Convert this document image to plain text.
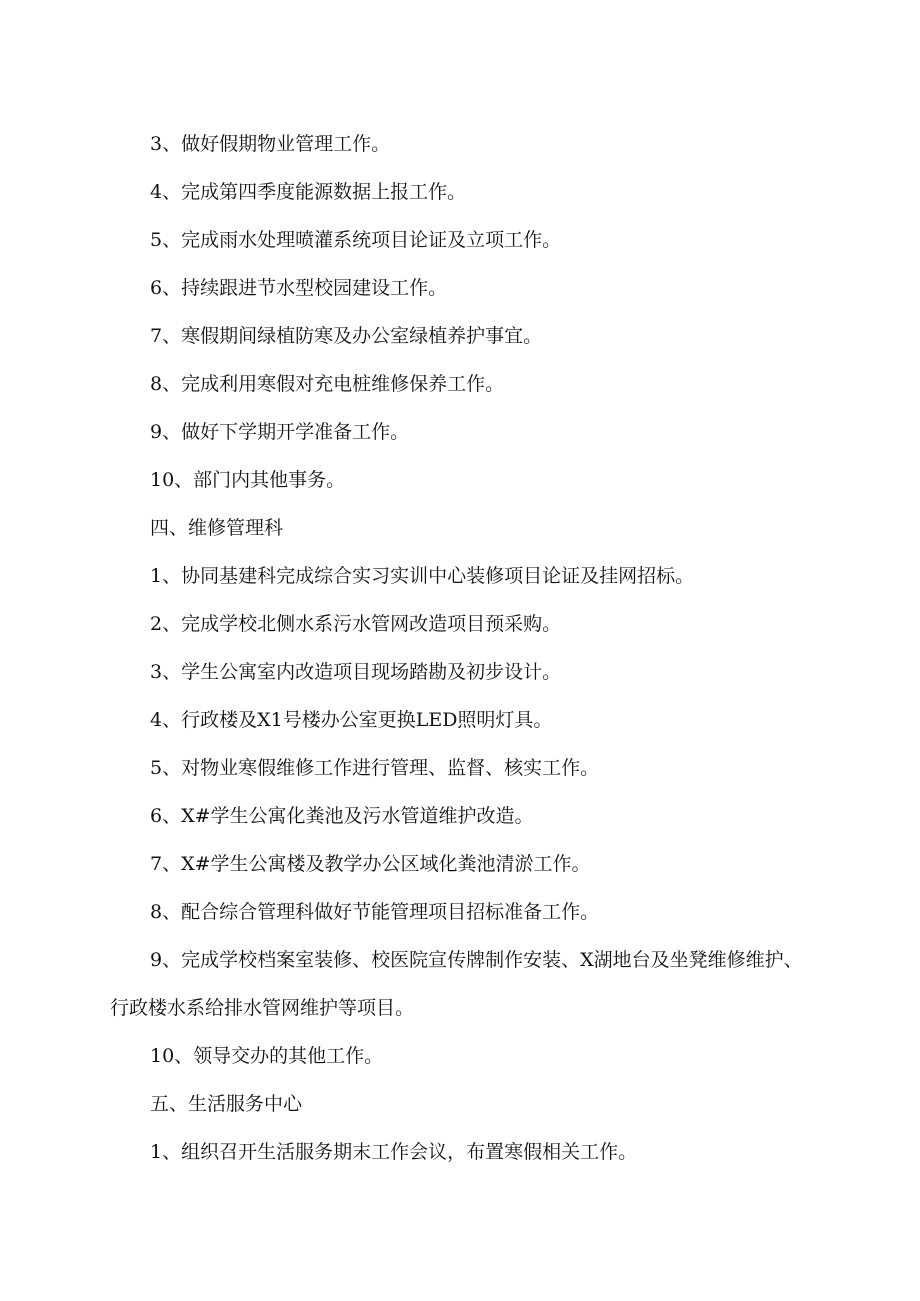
3、做好假期物业管理工作。

4、完成第四季度能源数据上报工作。

5、完成雨水处理喷灌系统项目论证及立项工作。

6、持续跟进节水型校园建设工作。

7、寒假期间绿植防寒及办公室绿植养护事宜。

8、完成利用寒假对充电桩维修保养工作。

9、做好下学期开学准备工作。

10、部门内其他事务。

四、维修管理科

1、协同基建科完成综合实习实训中心装修项目论证及挂网招标。

2、完成学校北侧水系污水管网改造项目预采购。

3、学生公寓室内改造项目现场踏勘及初步设计。

4、行政楼及X1号楼办公室更换LED照明灯具。

5、对物业寒假维修工作进行管理、监督、核实工作。

6、X#学生公寓化粪池及污水管道维护改造。

7、X#学生公寓楼及教学办公区域化粪池清淤工作。

8、配合综合管理科做好节能管理项目招标准备工作。

9、完成学校档案室装修、校医院宣传牌制作安装、X湖地台及坐凳维修维护、行政楼水系给排水管网维护等项目。

10、领导交办的其他工作。

五、生活服务中心

1、组织召开生活服务期末工作会议，布置寒假相关工作。
